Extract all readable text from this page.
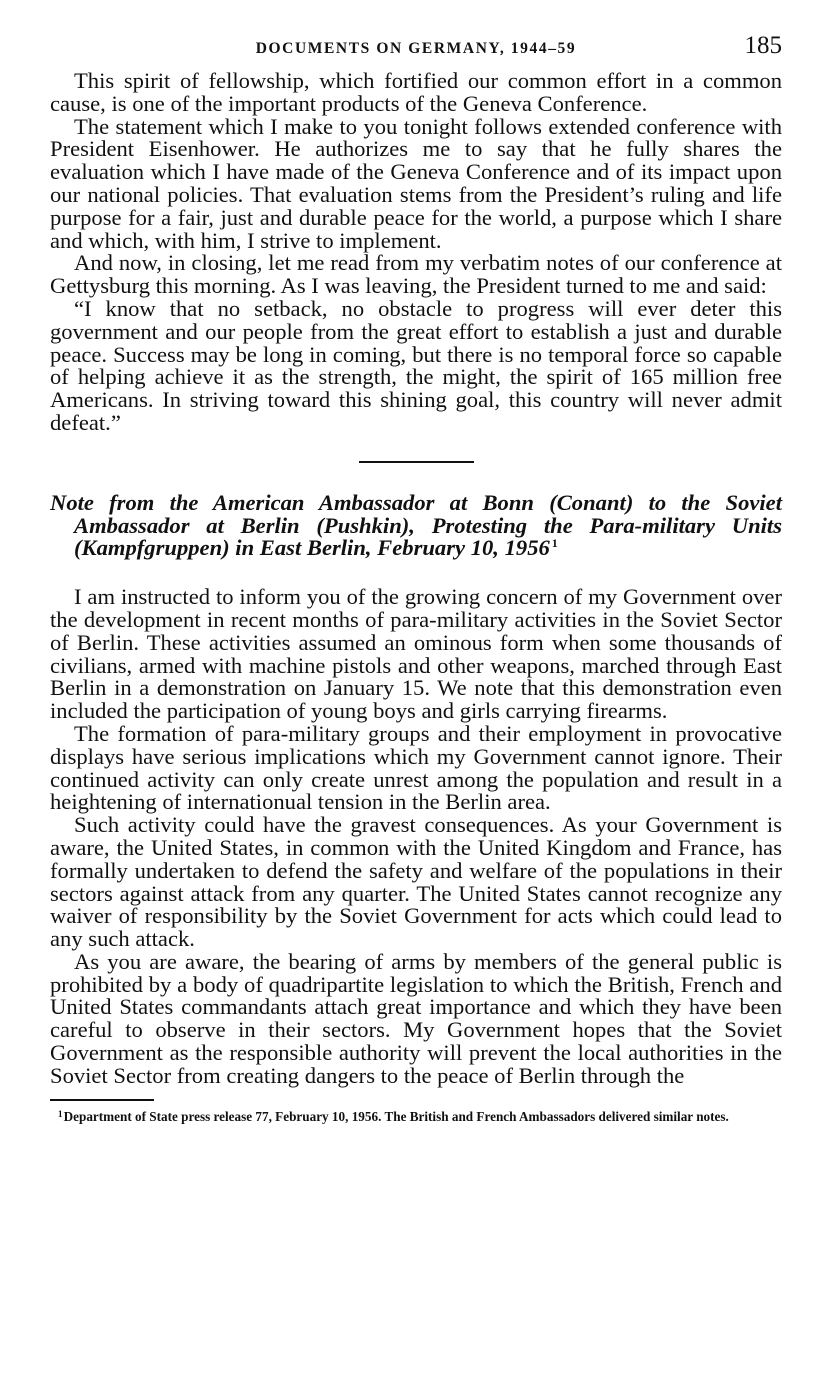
DOCUMENTS ON GERMANY, 1944–59	185

This spirit of fellowship, which fortified our common effort in a common cause, is one of the important products of the Geneva Conference.

The statement which I make to you tonight follows extended conference with President Eisenhower. He authorizes me to say that he fully shares the evaluation which I have made of the Geneva Conference and of its impact upon our national policies. That evaluation stems from the President’s ruling and life purpose for a fair, just and durable peace for the world, a purpose which I share and which, with him, I strive to implement.

And now, in closing, let me read from my verbatim notes of our conference at Gettysburg this morning. As I was leaving, the President turned to me and said:

“I know that no setback, no obstacle to progress will ever deter this government and our people from the great effort to establish a just and durable peace. Success may be long in coming, but there is no temporal force so capable of helping achieve it as the strength, the might, the spirit of 165 million free Americans. In striving toward this shining goal, this country will never admit defeat.”

Note from the American Ambassador at Bonn (Conant) to the Soviet Ambassador at Berlin (Pushkin), Protesting the Para-military Units (Kampfgruppen) in East Berlin, February 10, 1956  $^1$

I am instructed to inform you of the growing concern of my Government over the development in recent months of para-military activities in the Soviet Sector of Berlin. These activities assumed an ominous form when some thousands of civilians, armed with machine pistols and other weapons, marched through East Berlin in a demonstration on January 15. We note that this demonstration even included the participation of young boys and girls carrying firearms.

The formation of para-military groups and their employment in provocative displays have serious implications which my Government cannot ignore. Their continued activity can only create unrest among the population and result in a heightening of internationual tension in the Berlin area.

Such activity could have the gravest consequences. As your Government is aware, the United States, in common with the United Kingdom and France, has formally undertaken to defend the safety and welfare of the populations in their sectors against attack from any quarter. The United States cannot recognize any waiver of responsibility by the Soviet Government for acts which could lead to any such attack.

As you are aware, the bearing of arms by members of the general public is prohibited by a body of quadripartite legislation to which the British, French and United States commandants attach great importance and which they have been careful to observe in their sectors. My Government hopes that the Soviet Government as the responsible authority will prevent the local authorities in the Soviet Sector from creating dangers to the peace of Berlin through the

$^1$ Department of State press release 77, February 10, 1956. The British and French Ambassadors delivered similar notes.
